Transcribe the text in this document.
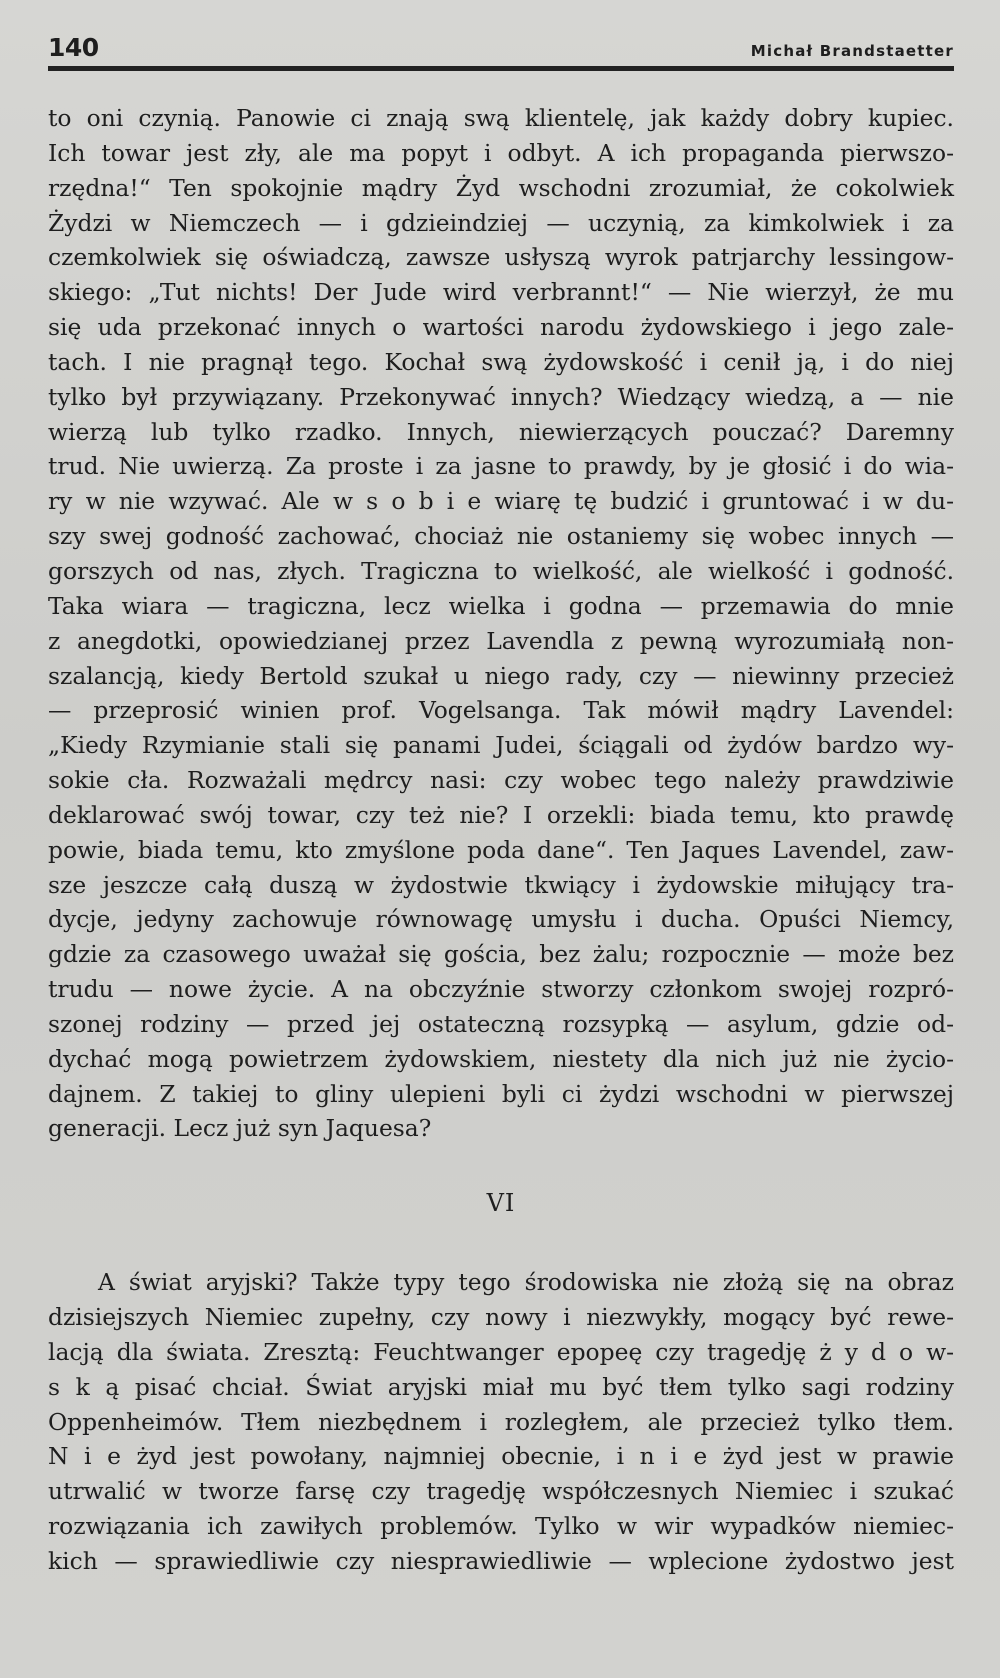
140	Michał Brandstaetter
to oni czynią. Panowie ci znają swą klientelę, jak każdy dobry kupiec.
Ich towar jest zły, ale ma popyt i odbyt. A ich propaganda pierwszo-
rzędna!“ Ten spokojnie mądry Żyd wschodni zrozumiał, że cokolwiek
Żydzi w Niemczech — i gdzieindziej — uczynią, za kimkolwiek i za
czemkolwiek się oświadczą, zawsze usłyszą wyrok patrjarchy lessingow-
skiego: „Tut nichts! Der Jude wird verbrannt!“ — Nie wierzył, że mu
się uda przekonać innych o wartości narodu żydowskiego i jego zale-
tach. I nie pragnął tego. Kochał swą żydowskość i cenił ją, i do niej
tylko był przywiązany. Przekonywać innych? Wiedzący wiedzą, a — nie
wierzą lub tylko rzadko. Innych, niewierzących pouczać? Daremny
trud. Nie uwierzą. Za proste i za jasne to prawdy, by je głosić i do wia-
ry w nie wzywać. Ale w s o b i e wiarę tę budzić i gruntować i w du-
szy swej godność zachować, chociaż nie ostaniemy się wobec innych —
gorszych od nas, złych. Tragiczna to wielkość, ale wielkość i godność.
Taka wiara — tragiczna, lecz wielka i godna — przemawia do mnie
z anegdotki, opowiedzianej przez Lavendla z pewną wyrozumiałą non-
szalancją, kiedy Bertold szukał u niego rady, czy — niewinny przecież
— przeprosić winien prof. Vogelsanga. Tak mówił mądry Lavendel:
„Kiedy Rzymianie stali się panami Judei, ściągali od żydów bardzo wy-
sokie cła. Rozważali mędrcy nasi: czy wobec tego należy prawdziwie
deklarować swój towar, czy też nie? I orzekli: biada temu, kto prawdę
powie, biada temu, kto zmyślone poda dane“. Ten Jaques Lavendel, zaw-
sze jeszcze całą duszą w żydostwie tkwiący i żydowskie miłujący tra-
dycje, jedyny zachowuje równowagę umysłu i ducha. Opuści Niemcy,
gdzie za czasowego uważał się gościa, bez żalu; rozpocznie — może bez
trudu — nowe życie. A na obczyźnie stworzy członkom swojej rozpró-
szonej rodziny — przed jej ostateczną rozsypką — asylum, gdzie od-
dychać mogą powietrzem żydowskiem, niestety dla nich już nie życio-
dajnem. Z takiej to gliny ulepieni byli ci żydzi wschodni w pierwszej
generacji. Lecz już syn Jaquesa?
VI
A świat aryjski? Także typy tego środowiska nie złożą się na obraz
dzisiejszych Niemiec zupełny, czy nowy i niezwykły, mogący być rewe-
lacją dla świata. Zresztą: Feuchtwanger epopeę czy tragedję ż y d o w-
s k ą pisać chciał. Świat aryjski miał mu być tłem tylko sagi rodziny
Oppenheimów. Tłem niezbędnem i rozległem, ale przecież tylko tłem.
N i e żyd jest powołany, najmniej obecnie, i n i e żyd jest w prawie
utrwalić w tworze farsę czy tragedję współczesnych Niemiec i szukać
rozwiązania ich zawiłych problemów. Tylko w wir wypadków niemiec-
kich — sprawiedliwie czy niesprawiedliwie — wplecione żydostwo jest
